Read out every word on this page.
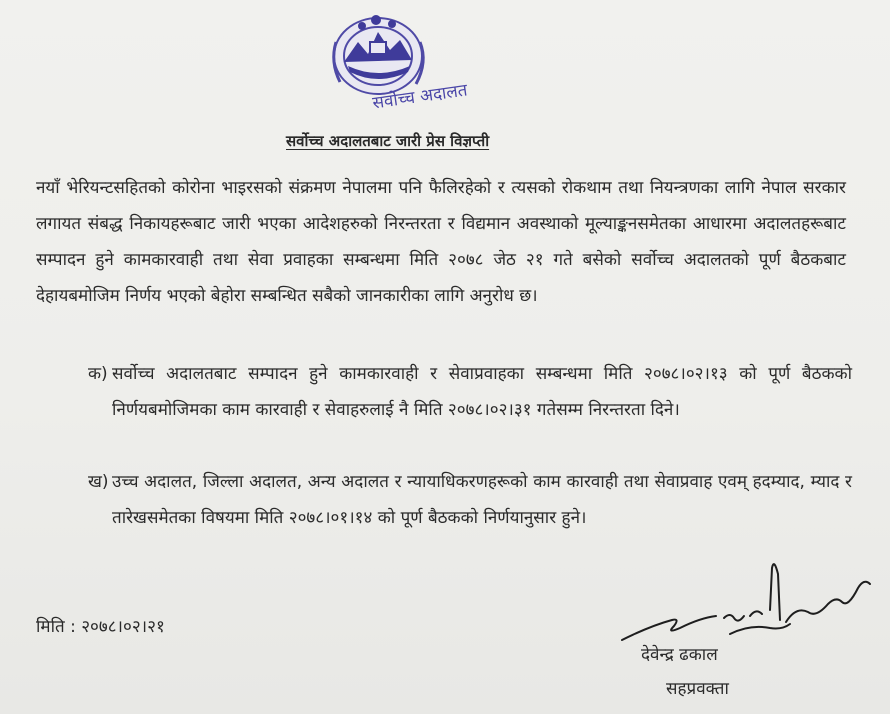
सर्वोच्च अदालत
सर्वोच्च अदालतबाट जारी प्रेस विज्ञप्ती
नयाँ भेरियन्टसहितको कोरोना भाइरसको संक्रमण नेपालमा पनि फैलिरहेको र त्यसको रोकथाम तथा नियन्त्रणका लागि नेपाल सरकार लगायत संबद्ध निकायहरूबाट जारी भएका आदेशहरुको निरन्तरता र विद्यमान अवस्थाको मूल्याङ्कनसमेतका आधारमा अदालतहरूबाट सम्पादन हुने कामकारवाही तथा सेवा प्रवाहका सम्बन्धमा मिति २०७८ जेठ २१ गते बसेको सर्वोच्च अदालतको पूर्ण बैठकबाट देहायबमोजिम निर्णय भएको बेहोरा सम्बन्धित सबैको जानकारीका लागि अनुरोध छ।
क) सर्वोच्च अदालतबाट सम्पादन हुने कामकारवाही र सेवाप्रवाहका सम्बन्धमा मिति २०७८।०२।१३ को पूर्ण बैठकको निर्णयबमोजिमका काम कारवाही र सेवाहरुलाई नै मिति २०७८।०२।३१ गतेसम्म निरन्तरता दिने।
ख) उच्च अदालत, जिल्ला अदालत, अन्य अदालत र न्यायाधिकरणहरूको काम कारवाही तथा सेवाप्रवाह एवम् हदम्याद, म्याद र तारेखसमेतका विषयमा मिति २०७८।०१।१४ को पूर्ण बैठकको निर्णयानुसार हुने।
मिति : २०७८।०२।२१
देवेन्द्र ढकाल
सहप्रवक्ता
